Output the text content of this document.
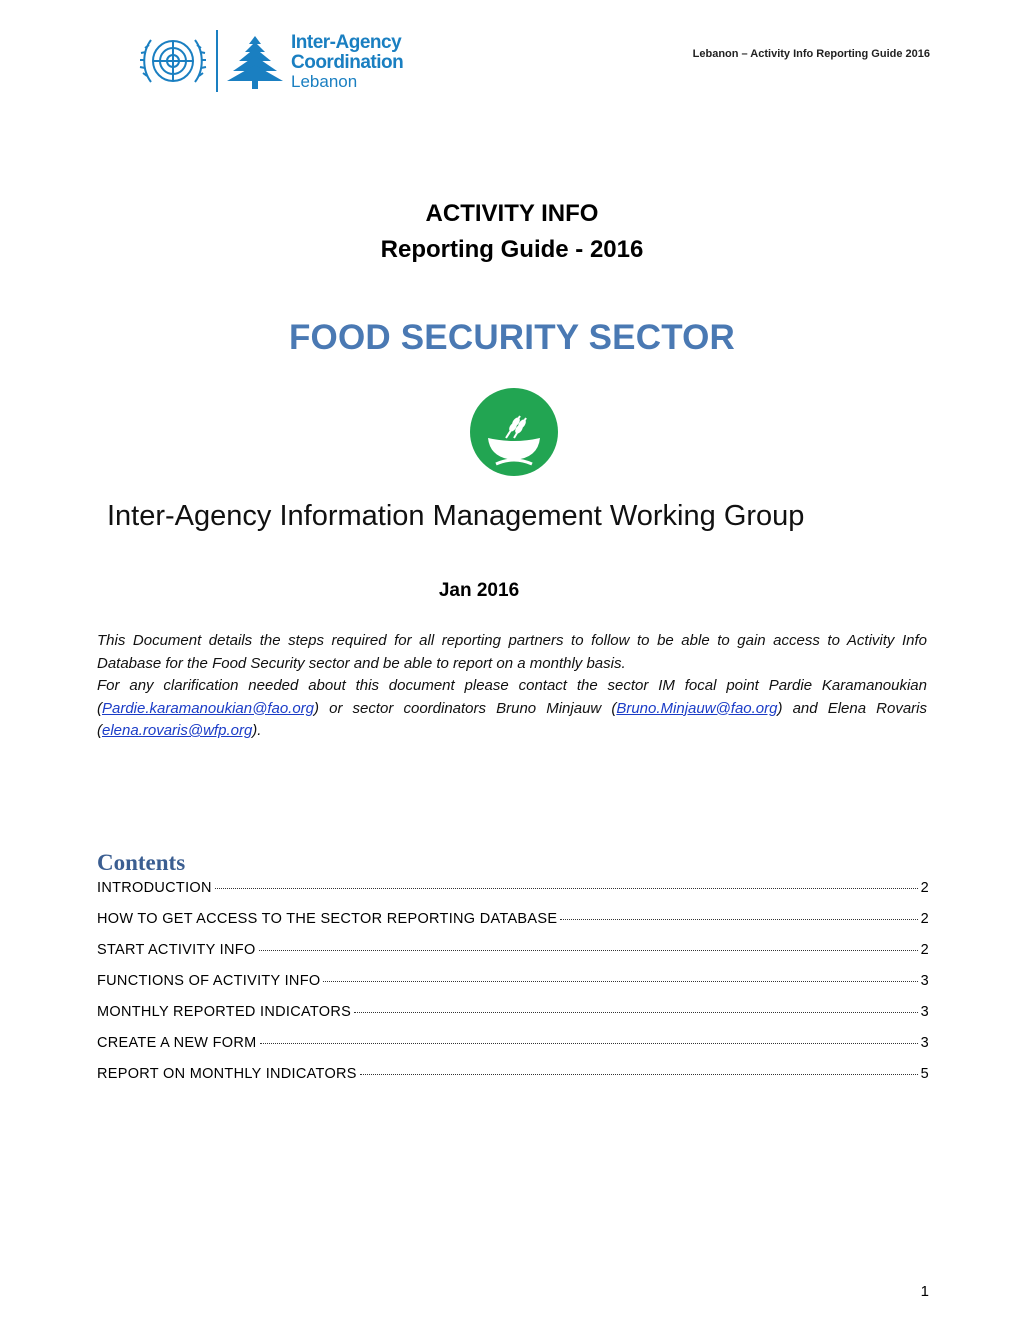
Inter-Agency
Coordination
Lebanon
Lebanon – Activity Info Reporting Guide 2016
ACTIVITY INFO
Reporting Guide - 2016
FOOD SECURITY SECTOR
Inter-Agency Information Management Working Group
Jan 2016

This Document details the steps required for all reporting partners to follow to be able to gain access to Activity Info Database for the Food Security sector and be able to report on a monthly basis.

For any clarification needed about this document please contact the sector IM focal point Pardie Karamanoukian (Pardie.karamanoukian@fao.org) or sector coordinators Bruno Minjauw (Bruno.Minjauw@fao.org) and Elena Rovaris (elena.rovaris@wfp.org).

Contents
INTRODUCTION	2
HOW TO GET ACCESS TO THE SECTOR REPORTING DATABASE	2
START ACTIVITY INFO	2
FUNCTIONS OF ACTIVITY INFO	3
MONTHLY REPORTED INDICATORS	3
CREATE A NEW FORM	3
REPORT ON MONTHLY INDICATORS	5
1
